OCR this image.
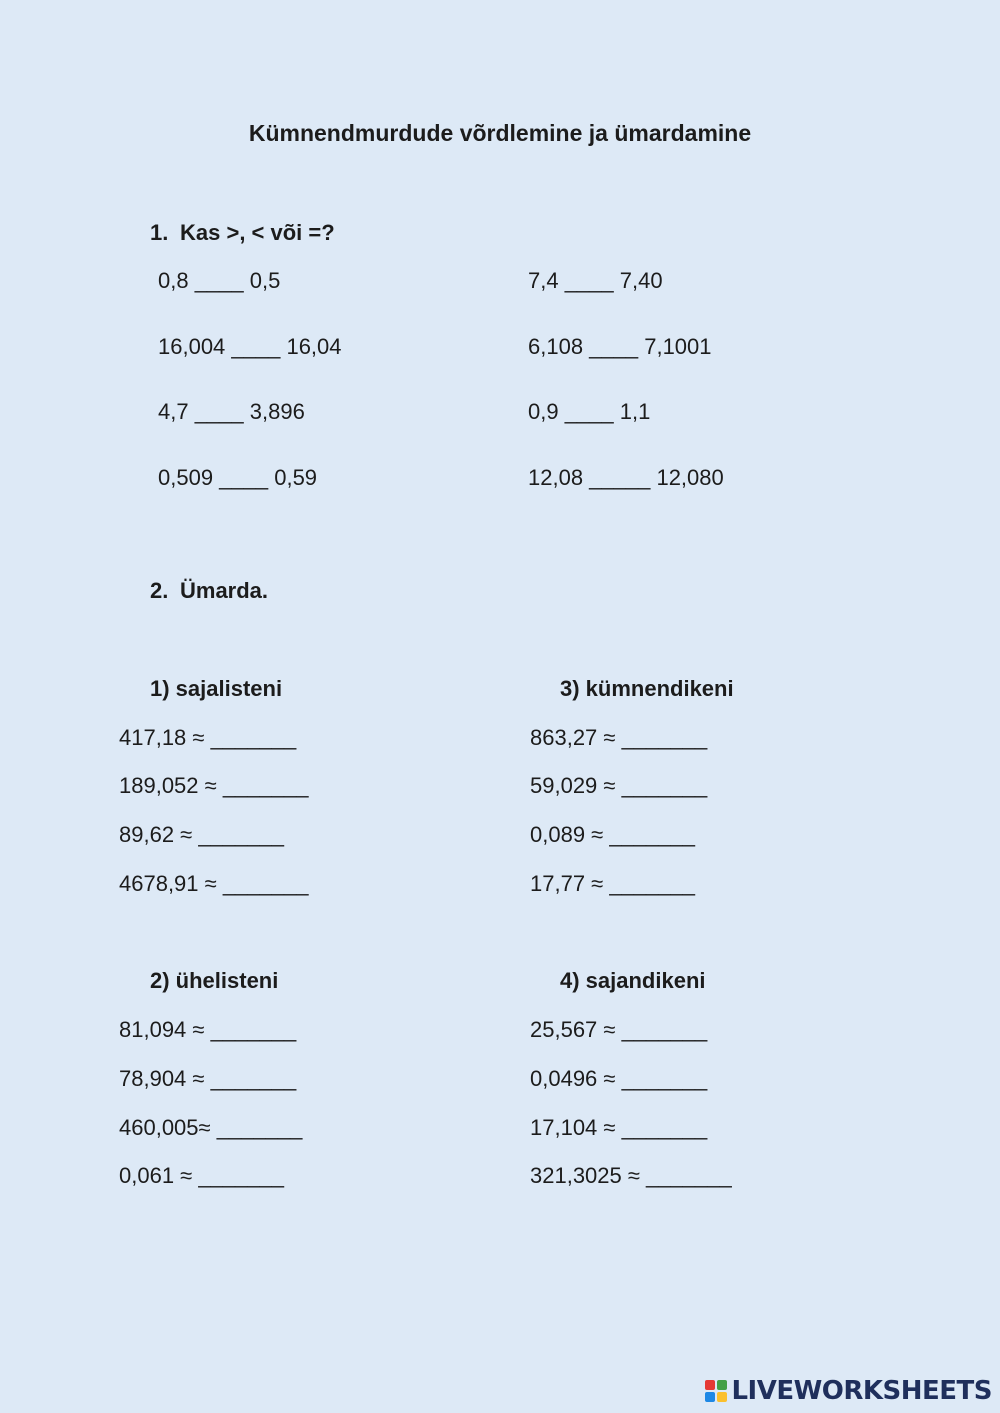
Kümnendmurdude võrdlemine ja ümardamine
1. Kas >, < või =?
0,8 ____ 0,5
16,004 ____ 16,04
4,7 ____ 3,896
0,509 ____ 0,59
7,4 ____ 7,40
6,108 ____ 7,1001
0,9 ____ 1,1
12,08 _____ 12,080
2. Ümarda.
1) sajalisteni
417,18 ≈ _______
189,052 ≈ _______
89,62 ≈ _______
4678,91 ≈ _______
3) kümnendikeni
863,27 ≈ _______
59,029 ≈ _______
0,089 ≈ _______
17,77 ≈ _______
2) ühelisteni
81,094 ≈ _______
78,904 ≈ _______
460,005≈ _______
0,061 ≈ _______
4) sajandikeni
25,567 ≈ _______
0,0496 ≈ _______
17,104 ≈ _______
321,3025 ≈ _______
LIVEWORKSHEETS
